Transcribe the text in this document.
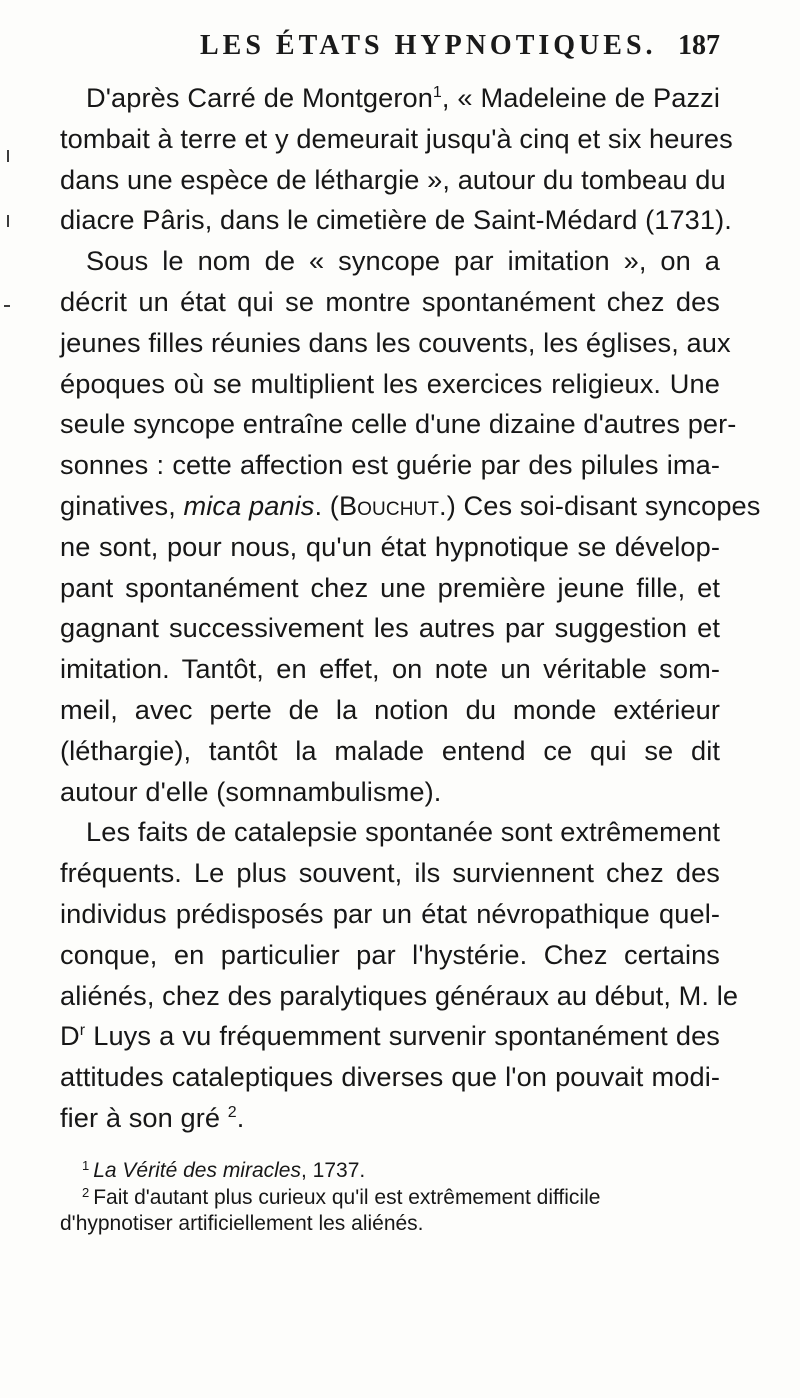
LES ÉTATS HYPNOTIQUES. 187
D'après Carré de Montgeron$^1$, « Madeleine de Pazzi
tombait à terre et y demeurait jusqu'à cinq et six heures
dans une espèce de léthargie », autour du tombeau du
diacre Pâris, dans le cimetière de Saint-Médard (1731).
Sous le nom de « syncope par imitation », on a
décrit un état qui se montre spontanément chez des
jeunes filles réunies dans les couvents, les églises, aux
époques où se multiplient les exercices religieux. Une
seule syncope entraîne celle d'une dizaine d'autres per-
sonnes : cette affection est guérie par des pilules ima-
ginatives, mica panis. (Bouchut.) Ces soi-disant syncopes
ne sont, pour nous, qu'un état hypnotique se dévelop-
pant spontanément chez une première jeune fille, et
gagnant successivement les autres par suggestion et
imitation. Tantôt, en effet, on note un véritable som-
meil, avec perte de la notion du monde extérieur
(léthargie), tantôt la malade entend ce qui se dit
autour d'elle (somnambulisme).
Les faits de catalepsie spontanée sont extrêmement
fréquents. Le plus souvent, ils surviennent chez des
individus prédisposés par un état névropathique quel-
conque, en particulier par l'hystérie. Chez certains
aliénés, chez des paralytiques généraux au début, M. le
D$^r$ Luys a vu fréquemment survenir spontanément des
attitudes cataleptiques diverses que l'on pouvait modi-
fier à son gré $^2$.
$^1$ La Vérité des miracles, 1737.
$^2$ Fait d'autant plus curieux qu'il est extrêmement difficile
d'hypnotiser artificiellement les aliénés.
